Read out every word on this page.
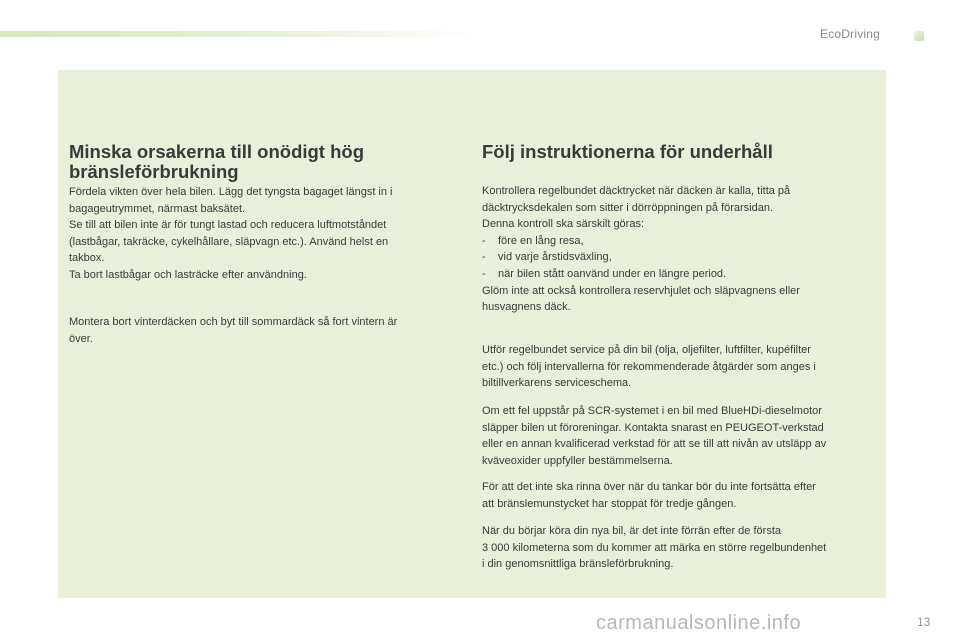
EcoDriving
Minska orsakerna till onödigt hög
bränsleförbrukning

Fördela vikten över hela bilen. Lägg det tyngsta bagaget längst in i
bagageutrymmet, närmast baksätet.
Se till att bilen inte är för tungt lastad och reducera luftmotståndet
(lastbågar, takräcke, cykelhållare, släpvagn etc.). Använd helst en
takbox.
Ta bort lastbågar och lasträcke efter användning.

Montera bort vinterdäcken och byt till sommardäck så fort vintern är
över.

Följ instruktionerna för underhåll

Kontrollera regelbundet däcktrycket när däcken är kalla, titta på
däcktrycksdekalen som sitter i dörröppningen på förarsidan.
Denna kontroll ska särskilt göras:
- före en lång resa,
- vid varje årstidsväxling,
- när bilen stått oanvänd under en längre period.
Glöm inte att också kontrollera reservhjulet och släpvagnens eller
husvagnens däck.

Utför regelbundet service på din bil (olja, oljefilter, luftfilter, kupéfilter
etc.) och följ intervallerna för rekommenderade åtgärder som anges i
biltillverkarens serviceschema.

Om ett fel uppstår på SCR-systemet i en bil med BlueHDi-dieselmotor
släpper bilen ut föroreningar. Kontakta snarast en PEUGEOT-verkstad
eller en annan kvalificerad verkstad för att se till att nivån av utsläpp av
kväveoxider uppfyller bestämmelserna.

För att det inte ska rinna över när du tankar bör du inte fortsätta efter
att bränslemunstycket har stoppat för tredje gången.

När du börjar köra din nya bil, är det inte förrän efter de första
3 000 kilometerna som du kommer att märka en större regelbundenhet
i din genomsnittliga bränsleförbrukning.

carmanualsonline.info	13
